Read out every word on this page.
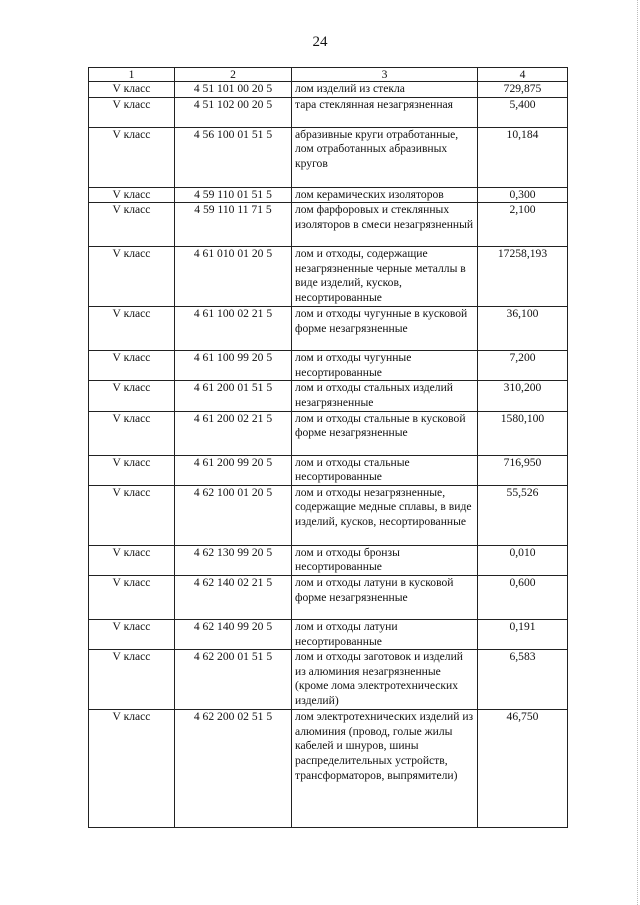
24
1	2	3	4
V класс	4 51 101 00 20 5	лом изделий из стекла	729,875
V класс	4 51 102 00 20 5	тара стеклянная незагрязненная	5,400
V класс	4 56 100 01 51 5	абразивные круги отработанные, лом отработанных абразивных кругов	10,184
V класс	4 59 110 01 51 5	лом керамических изоляторов	0,300
V класс	4 59 110 11 71 5	лом фарфоровых и стеклянных изоляторов в смеси незагрязненный	2,100
V класс	4 61 010 01 20 5	лом и отходы, содержащие незагрязненные черные металлы в виде изделий, кусков, несортированные	17258,193
V класс	4 61 100 02 21 5	лом и отходы чугунные в кусковой форме незагрязненные	36,100
V класс	4 61 100 99 20 5	лом и отходы чугунные несортированные	7,200
V класс	4 61 200 01 51 5	лом и отходы стальных изделий незагрязненные	310,200
V класс	4 61 200 02 21 5	лом и отходы стальные в кусковой форме незагрязненные	1580,100
V класс	4 61 200 99 20 5	лом и отходы стальные несортированные	716,950
V класс	4 62 100 01 20 5	лом и отходы незагрязненные, содержащие медные сплавы, в виде изделий, кусков, несортированные	55,526
V класс	4 62 130 99 20 5	лом и отходы бронзы несортированные	0,010
V класс	4 62 140 02 21 5	лом и отходы латуни в кусковой форме незагрязненные	0,600
V класс	4 62 140 99 20 5	лом и отходы латуни несортированные	0,191
V класс	4 62 200 01 51 5	лом и отходы заготовок и изделий из алюминия незагрязненные (кроме лома электротехнических изделий)	6,583
V класс	4 62 200 02 51 5	лом электротехнических изделий из алюминия (провод, голые жилы кабелей и шнуров, шины распределительных устройств, трансформаторов, выпрямители)	46,750
